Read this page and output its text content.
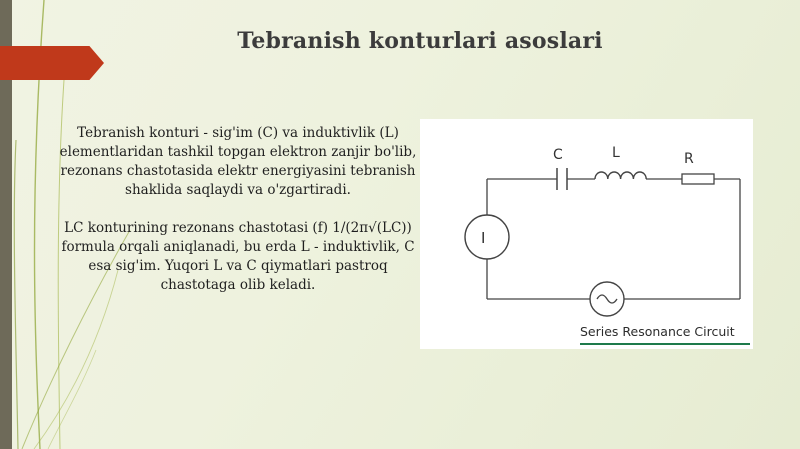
Tebranish konturlari asoslari

Tebranish konturi - sig'im (C) va induktivlik (L) elementlaridan tashkil topgan elektron zanjir bo'lib, rezonans chastotasida elektr energiyasini tebranish shaklida saqlaydi va o'zgartiradi.

LC konturining rezonans chastotasi (f) 1/(2π√(LC)) formula orqali aniqlanadi, bu erda L - induktivlik, C esa sig'im. Yuqori L va C qiymatlari pastroq chastotaga olib keladi.

C	L	R
I
Series Resonance Circuit
